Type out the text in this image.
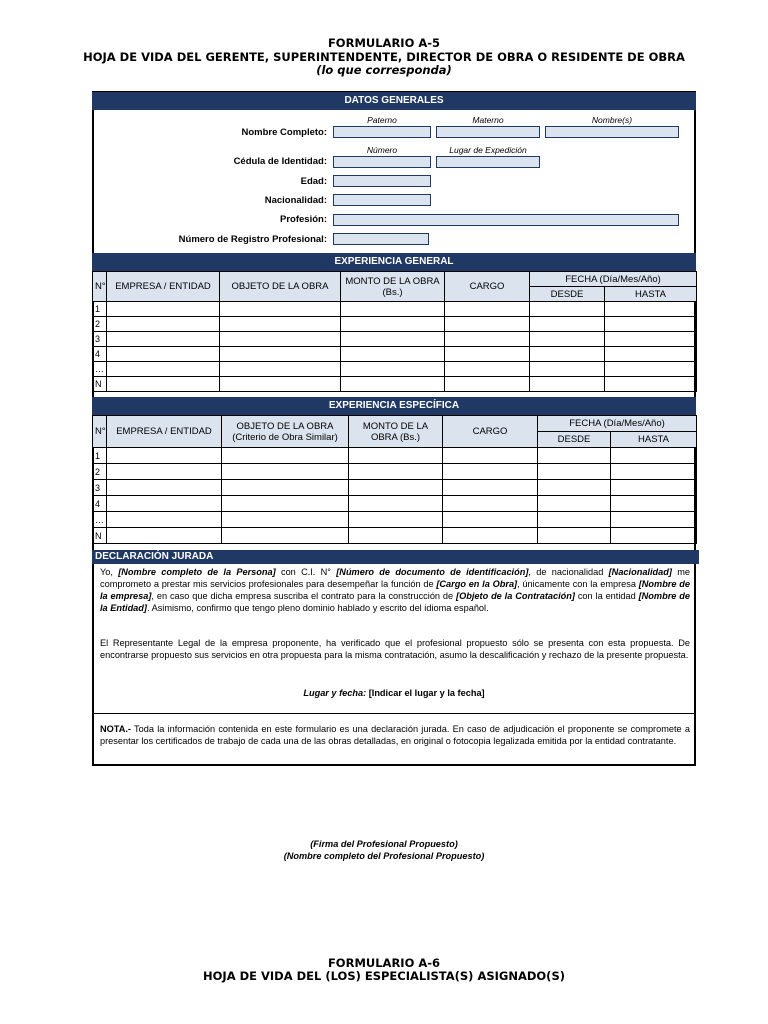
FORMULARIO A-5
HOJA DE VIDA DEL GERENTE, SUPERINTENDENTE, DIRECTOR DE OBRA O RESIDENTE DE OBRA
(lo que corresponda)
DATOS GENERALES
Paterno	Materno	Nombre(s)
Nombre Completo:
Número	Lugar de Expedición
Cédula de Identidad:
Edad:
Nacionalidad:
Profesión:
Número de Registro Profesional:
EXPERIENCIA GENERAL
N°	EMPRESA / ENTIDAD	OBJETO DE LA OBRA	MONTO DE LA OBRA (Bs.)	CARGO	FECHA (Día/Mes/Año)	
					DESDE	HASTA
1						
2						
3						
4						
…						
N						
EXPERIENCIA ESPECÍFICA
N°	EMPRESA / ENTIDAD	OBJETO DE LA OBRA (Criterio de Obra Similar)	MONTO DE LA OBRA (Bs.)	CARGO	FECHA (Día/Mes/Año)	
					DESDE	HASTA
1						
2						
3						
4						
…						
N						
DECLARACIÓN JURADA
Yo, [Nombre completo de la Persona] con C.I. N° [Número de documento de identificación], de nacionalidad [Nacionalidad] me comprometo a prestar mis servicios profesionales para desempeñar la función de [Cargo en la Obra], únicamente con la empresa [Nombre de la empresa], en caso que dicha empresa suscriba el contrato para la construcción de [Objeto de la Contratación] con la entidad [Nombre de la Entidad]. Asimismo, confirmo que tengo pleno dominio hablado y escrito del idioma español.
El Representante Legal de la empresa proponente, ha verificado que el profesional propuesto sólo se presenta con esta propuesta. De encontrarse propuesto sus servicios en otra propuesta para la misma contratación, asumo la descalificación y rechazo de la presente propuesta.
Lugar y fecha: [Indicar el lugar y la fecha]
NOTA.- Toda la información contenida en este formulario es una declaración jurada. En caso de adjudicación el proponente se compromete a presentar los certificados de trabajo de cada una de las obras detalladas, en original o fotocopia legalizada emitida por la entidad contratante.
(Firma del Profesional Propuesto)
(Nombre completo del Profesional Propuesto)
FORMULARIO A-6
HOJA DE VIDA DEL (LOS) ESPECIALISTA(S) ASIGNADO(S)
